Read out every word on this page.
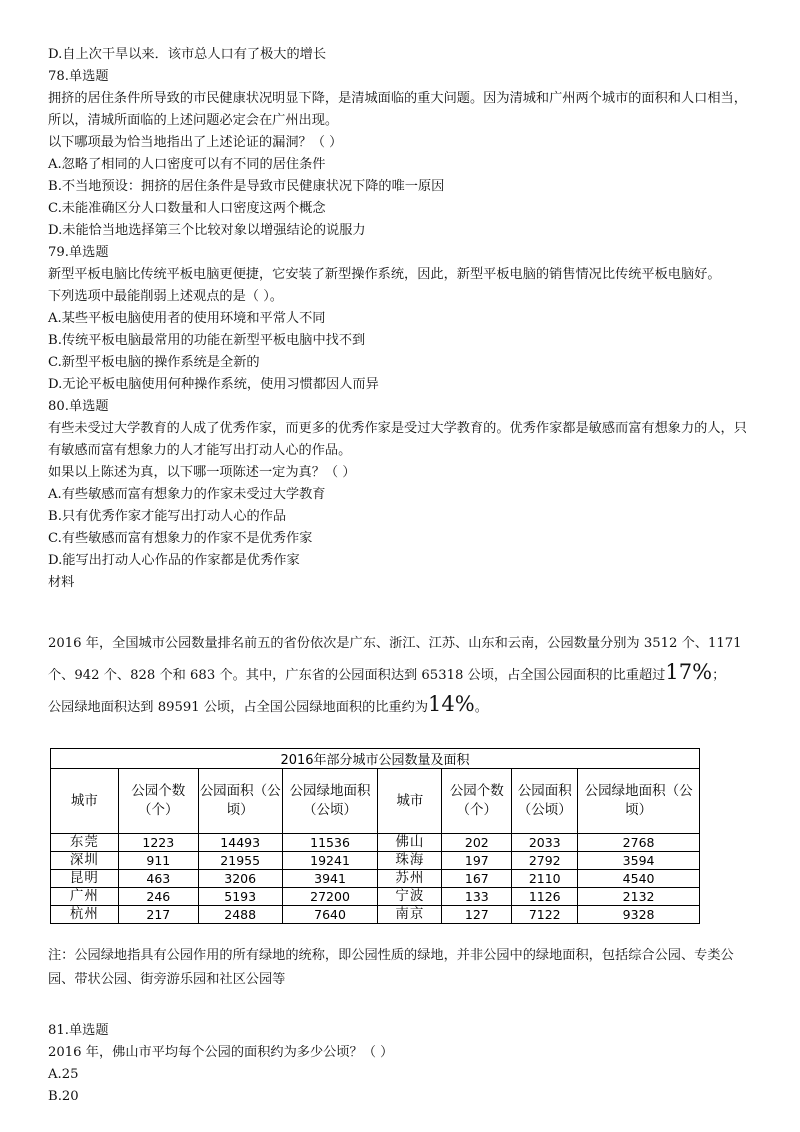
D.自上次干旱以来．该市总人口有了极大的增长
78.单选题
拥挤的居住条件所导致的市民健康状况明显下降，是清城面临的重大问题。因为清城和广州两个城市的面积和人口相当，所以，清城所面临的上述问题必定会在广州出现。
以下哪项最为恰当地指出了上述论证的漏洞？（ ）
A.忽略了相同的人口密度可以有不同的居住条件
B.不当地预设：拥挤的居住条件是导致市民健康状况下降的唯一原因
C.未能准确区分人口数量和人口密度这两个概念
D.未能恰当地选择第三个比较对象以增强结论的说服力
79.单选题
新型平板电脑比传统平板电脑更便捷，它安装了新型操作系统，因此，新型平板电脑的销售情况比传统平板电脑好。
下列选项中最能削弱上述观点的是（ ）。
A.某些平板电脑使用者的使用环境和平常人不同
B.传统平板电脑最常用的功能在新型平板电脑中找不到
C.新型平板电脑的操作系统是全新的
D.无论平板电脑使用何种操作系统，使用习惯都因人而异
80.单选题
有些未受过大学教育的人成了优秀作家，而更多的优秀作家是受过大学教育的。优秀作家都是敏感而富有想象力的人，只有敏感而富有想象力的人才能写出打动人心的作品。
如果以上陈述为真，以下哪一项陈述一定为真？（ ）
A.有些敏感而富有想象力的作家未受过大学教育
B.只有优秀作家才能写出打动人心的作品
C.有些敏感而富有想象力的作家不是优秀作家
D.能写出打动人心作品的作家都是优秀作家
材料
2016 年，全国城市公园数量排名前五的省份依次是广东、浙江、江苏、山东和云南，公园数量分别为 3512 个、1171 个、942 个、828 个和 683 个。其中，广东省的公园面积达到 65318 公顷，占全国公园面积的比重超过17%；
公园绿地面积达到 89591 公顷，占全国公园绿地面积的比重约为14%。
2016年部分城市公园数量及面积							
城市	公园个数（个）	公园面积（公顷）	公园绿地面积（公顷）	城市	公园个数（个）	公园面积（公顷）	公园绿地面积（公顷）
东莞	1223	14493	11536	佛山	202	2033	2768
深圳	911	21955	19241	珠海	197	2792	3594
昆明	463	3206	3941	苏州	167	2110	4540
广州	246	5193	27200	宁波	133	1126	2132
杭州	217	2488	7640	南京	127	7122	9328
注：公园绿地指具有公园作用的所有绿地的统称，即公园性质的绿地，并非公园中的绿地面积，包括综合公园、专类公园、带状公园、街旁游乐园和社区公园等
81.单选题
2016 年，佛山市平均每个公园的面积约为多少公顷？（ ）
A.25
B.20
